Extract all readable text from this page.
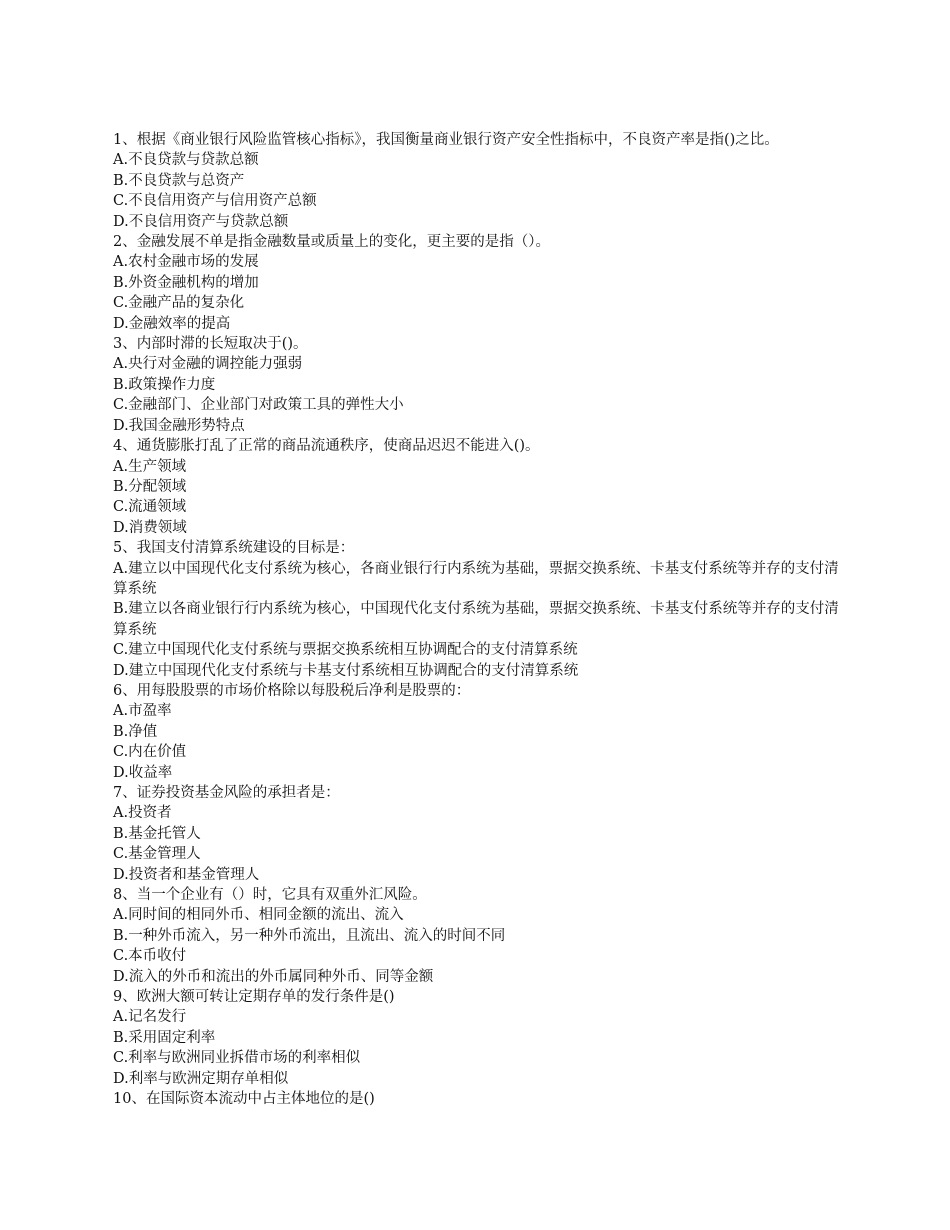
1、根据《商业银行风险监管核心指标》，我国衡量商业银行资产安全性指标中，不良资产率是指()之比。

A.不良贷款与贷款总额

B.不良贷款与总资产

C.不良信用资产与信用资产总额

D.不良信用资产与贷款总额

2、金融发展不单是指金融数量或质量上的变化，更主要的是指（）。

A.农村金融市场的发展

B.外资金融机构的增加

C.金融产品的复杂化

D.金融效率的提高

3、内部时滞的长短取决于()。

A.央行对金融的调控能力强弱

B.政策操作力度

C.金融部门、企业部门对政策工具的弹性大小

D.我国金融形势特点

4、通货膨胀打乱了正常的商品流通秩序，使商品迟迟不能进入()。

A.生产领域

B.分配领域

C.流通领域

D.消费领域

5、我国支付清算系统建设的目标是：

A.建立以中国现代化支付系统为核心，各商业银行行内系统为基础，票据交换系统、卡基支付系统等并存的支付清算系统

B.建立以各商业银行行内系统为核心，中国现代化支付系统为基础，票据交换系统、卡基支付系统等并存的支付清算系统

C.建立中国现代化支付系统与票据交换系统相互协调配合的支付清算系统

D.建立中国现代化支付系统与卡基支付系统相互协调配合的支付清算系统

6、用每股股票的市场价格除以每股税后净利是股票的：

A.市盈率

B.净值

C.内在价值

D.收益率

7、证券投资基金风险的承担者是：

A.投资者

B.基金托管人

C.基金管理人

D.投资者和基金管理人

8、当一个企业有（）时，它具有双重外汇风险。

A.同时间的相同外币、相同金额的流出、流入

B.一种外币流入，另一种外币流出，且流出、流入的时间不同

C.本币收付

D.流入的外币和流出的外币属同种外币、同等金额

9、欧洲大额可转让定期存单的发行条件是()

A.记名发行

B.采用固定利率

C.利率与欧洲同业拆借市场的利率相似

D.利率与欧洲定期存单相似

10、在国际资本流动中占主体地位的是()
